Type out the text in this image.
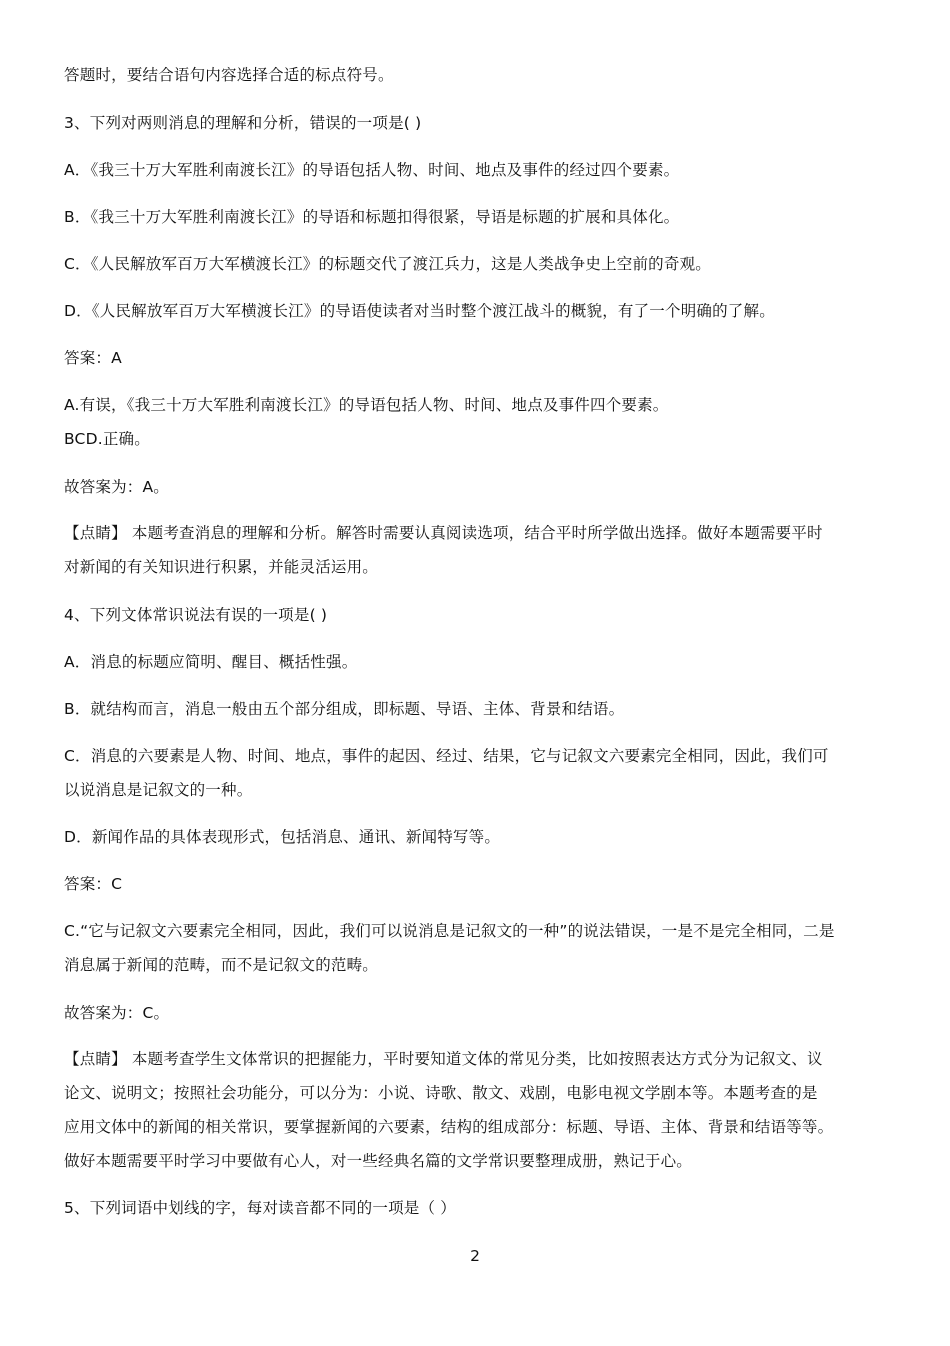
答题时，要结合语句内容选择合适的标点符号。
3、下列对两则消息的理解和分析，错误的一项是( )
A．《我三十万大军胜利南渡长江》的导语包括人物、时间、地点及事件的经过四个要素。
B．《我三十万大军胜利南渡长江》的导语和标题扣得很紧，导语是标题的扩展和具体化。
C．《人民解放军百万大军横渡长江》的标题交代了渡江兵力，这是人类战争史上空前的奇观。
D．《人民解放军百万大军横渡长江》的导语使读者对当时整个渡江战斗的概貌，有了一个明确的了解。
答案：A
A.有误，《我三十万大军胜利南渡长江》的导语包括人物、时间、地点及事件四个要素。
BCD.正确。
故答案为：A。
【点睛】 本题考查消息的理解和分析。解答时需要认真阅读选项，结合平时所学做出选择。做好本题需要平时
对新闻的有关知识进行积累，并能灵活运用。
4、下列文体常识说法有误的一项是( )
A．消息的标题应简明、醒目、概括性强。
B．就结构而言，消息一般由五个部分组成，即标题、导语、主体、背景和结语。
C．消息的六要素是人物、时间、地点，事件的起因、经过、结果，它与记叙文六要素完全相同，因此，我们可
以说消息是记叙文的一种。
D．新闻作品的具体表现形式，包括消息、通讯、新闻特写等。
答案：C
C.“它与记叙文六要素完全相同，因此，我们可以说消息是记叙文的一种”的说法错误，一是不是完全相同，二是
消息属于新闻的范畴，而不是记叙文的范畴。
故答案为：C。
【点睛】 本题考查学生文体常识的把握能力，平时要知道文体的常见分类，比如按照表达方式分为记叙文、议
论文、说明文；按照社会功能分，可以分为：小说、诗歌、散文、戏剧，电影电视文学剧本等。本题考查的是
应用文体中的新闻的相关常识，要掌握新闻的六要素，结构的组成部分：标题、导语、主体、背景和结语等等。
做好本题需要平时学习中要做有心人，对一些经典名篇的文学常识要整理成册，熟记于心。
5、下列词语中划线的字，每对读音都不同的一项是（ ）
2
